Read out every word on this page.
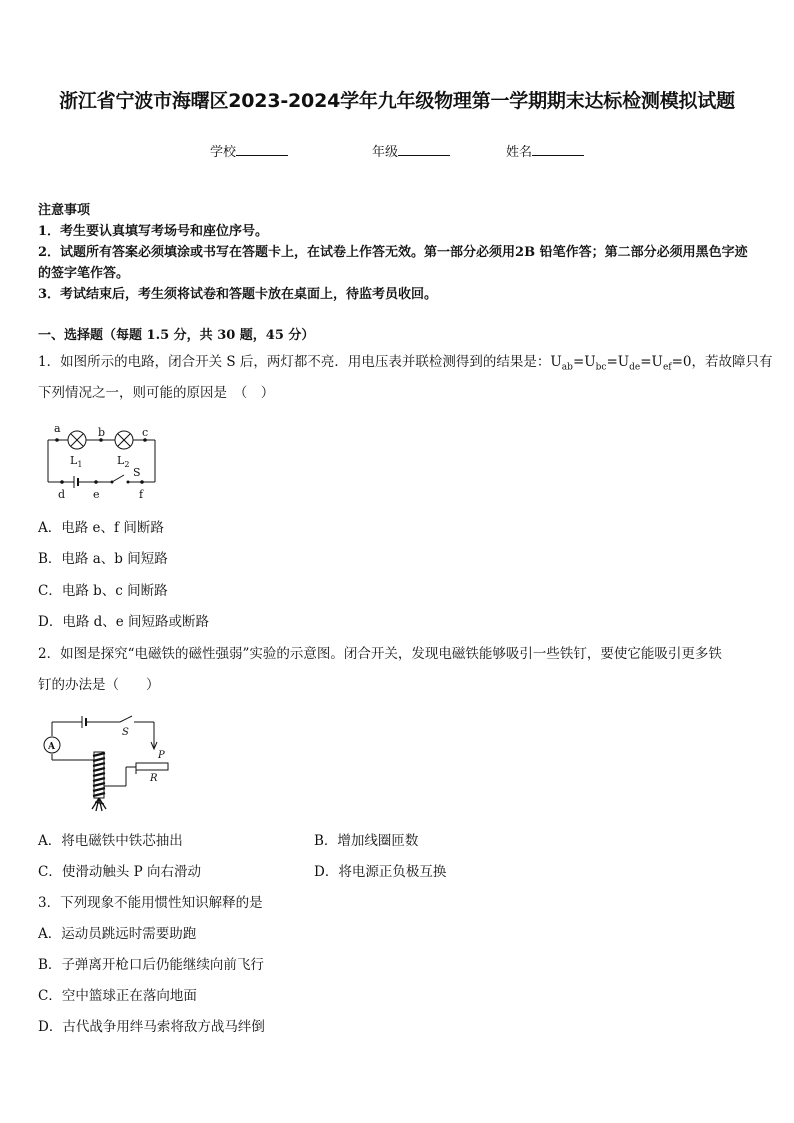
浙江省宁波市海曙区2023-2024学年九年级物理第一学期期末达标检测模拟试题
学校	年级	姓名
注意事项
1．考生要认真填写考场号和座位序号。
2．试题所有答案必须填涂或书写在答题卡上，在试卷上作答无效。第一部分必须用2B 铅笔作答；第二部分必须用黑色字迹的签字笔作答。
3．考试结束后，考生须将试卷和答题卡放在桌面上，待监考员收回。
一、选择题（每题 1.5 分，共 30 题，45 分）
1．如图所示的电路，闭合开关 S 后，两灯都不亮．用电压表并联检测得到的结果是：$U_{ab}=U_{bc}=U_{de}=U_{ef}=0$，若故障只有
下列情况之一，则可能的原因是　（　）
a	b	c
$L_1$	$L_2$
S
d	e	f
A．电路 e、f 间断路
B．电路 a、b 间短路
C．电路 b、c 间断路
D．电路 d、e 间短路或断路
2．如图是探究“电磁铁的磁性强弱”实验的示意图。闭合开关，发现电磁铁能够吸引一些铁钉，要使它能吸引更多铁
钉的办法是（　　）
A
S
P
R
A．将电磁铁中铁芯抽出	B．增加线圈匝数
C．使滑动触头 P 向右滑动	D．将电源正负极互换
3．下列现象不能用惯性知识解释的是
A．运动员跳远时需要助跑
B．子弹离开枪口后仍能继续向前飞行
C．空中篮球正在落向地面
D．古代战争用绊马索将敌方战马绊倒
